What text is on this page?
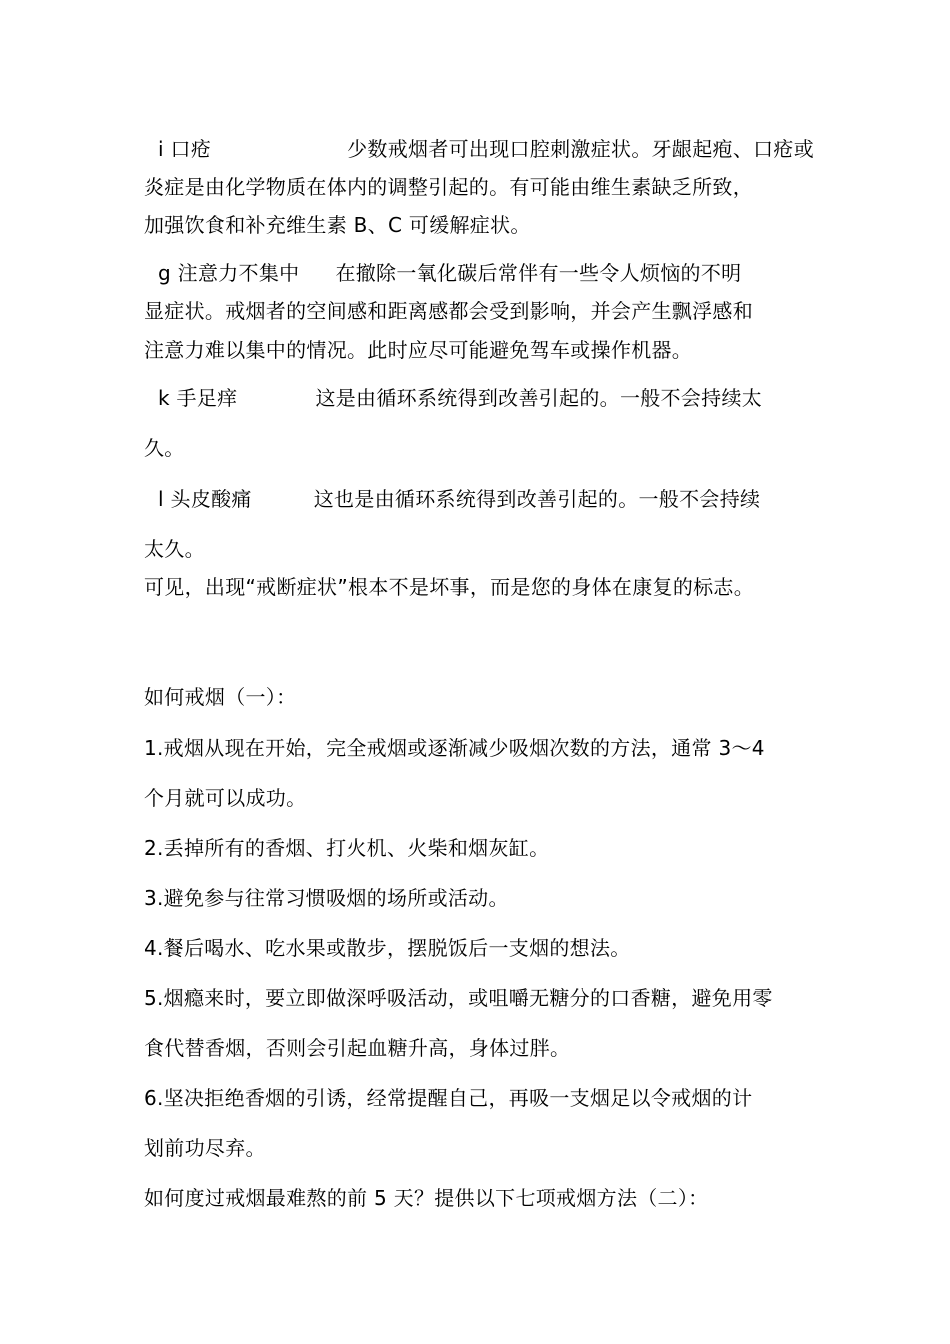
i 口疮	少数戒烟者可出现口腔刺激症状。牙龈起疱、口疮或
炎症是由化学物质在体内的调整引起的。有可能由维生素缺乏所致，
加强饮食和补充维生素 B、C 可缓解症状。
g 注意力不集中 在撤除一氧化碳后常伴有一些令人烦恼的不明
显症状。戒烟者的空间感和距离感都会受到影响，并会产生飘浮感和
注意力难以集中的情况。此时应尽可能避免驾车或操作机器。
k 手足痒	这是由循环系统得到改善引起的。一般不会持续太
久。
l 头皮酸痛	这也是由循环系统得到改善引起的。一般不会持续
太久。
可见，出现“戒断症状”根本不是坏事，而是您的身体在康复的标志。
如何戒烟（一）：
1.戒烟从现在开始，完全戒烟或逐渐减少吸烟次数的方法，通常 3～4
个月就可以成功。
2.丢掉所有的香烟、打火机、火柴和烟灰缸。
3.避免参与往常习惯吸烟的场所或活动。
4.餐后喝水、吃水果或散步，摆脱饭后一支烟的想法。
5.烟瘾来时，要立即做深呼吸活动，或咀嚼无糖分的口香糖，避免用零
食代替香烟，否则会引起血糖升高，身体过胖。
6.坚决拒绝香烟的引诱，经常提醒自己，再吸一支烟足以令戒烟的计
划前功尽弃。
如何度过戒烟最难熬的前 5 天？提供以下七项戒烟方法（二）：
